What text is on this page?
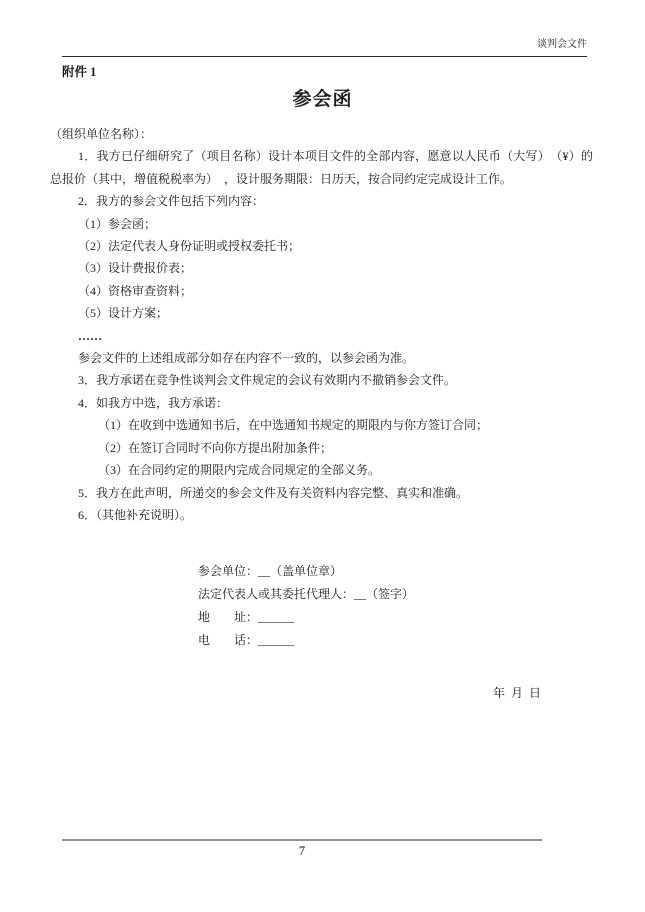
谈判会文件
附件 1
参会函

（组织单位名称）：

1．我方已仔细研究了（项目名称）设计本项目文件的全部内容，愿意以人民币（大写）　（¥）的总报价（其中，增值税税率为）　，设计服务期限：日历天，按合同约定完成设计工作。

2．我方的参会文件包括下列内容：

（1）参会函；

（2）法定代表人身份证明或授权委托书；

（3）设计费报价表；

（4）资格审查资料；

（5）设计方案；

……

参会文件的上述组成部分如存在内容不一致的，以参会函为准。

3．我方承诺在竞争性谈判会文件规定的会议有效期内不撤销参会文件。

4．如我方中选，我方承诺：

（1）在收到中选通知书后，在中选通知书规定的期限内与你方签订合同；

（2）在签订合同时不向你方提出附加条件；

（3）在合同约定的期限内完成合同规定的全部义务。

5．我方在此声明，所递交的参会文件及有关资料内容完整、真实和准确。

6．（其他补充说明）。

参会单位：__（盖单位章）
法定代表人或其委托代理人：__（签字）
地　　址：______
电　　话：______
年 月 日
7
